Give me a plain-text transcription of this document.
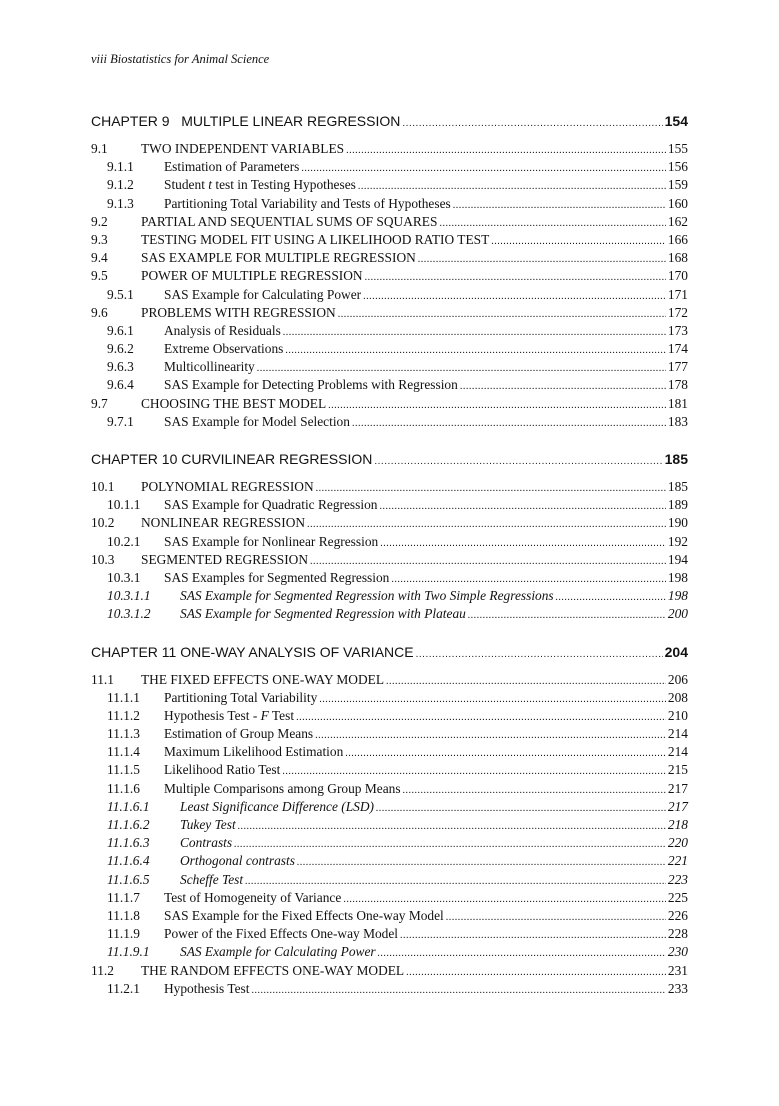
viii Biostatistics for Animal Science
CHAPTER 9   MULTIPLE LINEAR REGRESSION .....	154
9.1	TWO INDEPENDENT VARIABLES .....	155
9.1.1	Estimation of Parameters .....	156
9.1.2	Student t test in Testing Hypotheses .....	159
9.1.3	Partitioning Total Variability and Tests of Hypotheses .....	160
9.2	PARTIAL AND SEQUENTIAL SUMS OF SQUARES .....	162
9.3	TESTING MODEL FIT USING A LIKELIHOOD RATIO TEST .....	166
9.4	SAS EXAMPLE FOR MULTIPLE REGRESSION .....	168
9.5	POWER OF MULTIPLE REGRESSION .....	170
9.5.1	SAS Example for Calculating Power .....	171
9.6	PROBLEMS WITH REGRESSION .....	172
9.6.1	Analysis of Residuals .....	173
9.6.2	Extreme Observations .....	174
9.6.3	Multicollinearity .....	177
9.6.4	SAS Example for Detecting Problems with Regression .....	178
9.7	CHOOSING THE BEST MODEL .....	181
9.7.1	SAS Example for Model Selection .....	183
CHAPTER 10 CURVILINEAR REGRESSION .....	185
10.1	POLYNOMIAL REGRESSION .....	185
10.1.1	SAS Example for Quadratic Regression .....	189
10.2	NONLINEAR REGRESSION .....	190
10.2.1	SAS Example for Nonlinear Regression .....	192
10.3	SEGMENTED REGRESSION .....	194
10.3.1	SAS Examples for Segmented Regression .....	198
10.3.1.1	SAS Example for Segmented Regression with Two Simple Regressions .....	198
10.3.1.2	SAS Example for Segmented Regression with Plateau .....	200
CHAPTER 11 ONE-WAY ANALYSIS OF VARIANCE .....	204
11.1	THE FIXED EFFECTS ONE-WAY MODEL .....	206
11.1.1	Partitioning Total Variability .....	208
11.1.2	Hypothesis Test - F Test .....	210
11.1.3	Estimation of Group Means .....	214
11.1.4	Maximum Likelihood Estimation .....	214
11.1.5	Likelihood Ratio Test .....	215
11.1.6	Multiple Comparisons among Group Means .....	217
11.1.6.1	Least Significance Difference (LSD) .....	217
11.1.6.2	Tukey Test .....	218
11.1.6.3	Contrasts .....	220
11.1.6.4	Orthogonal contrasts .....	221
11.1.6.5	Scheffe Test .....	223
11.1.7	Test of Homogeneity of Variance .....	225
11.1.8	SAS Example for the Fixed Effects One-way Model .....	226
11.1.9	Power of the Fixed Effects One-way Model .....	228
11.1.9.1	SAS Example for Calculating Power .....	230
11.2	THE RANDOM EFFECTS ONE-WAY MODEL .....	231
11.2.1	Hypothesis Test .....	233
